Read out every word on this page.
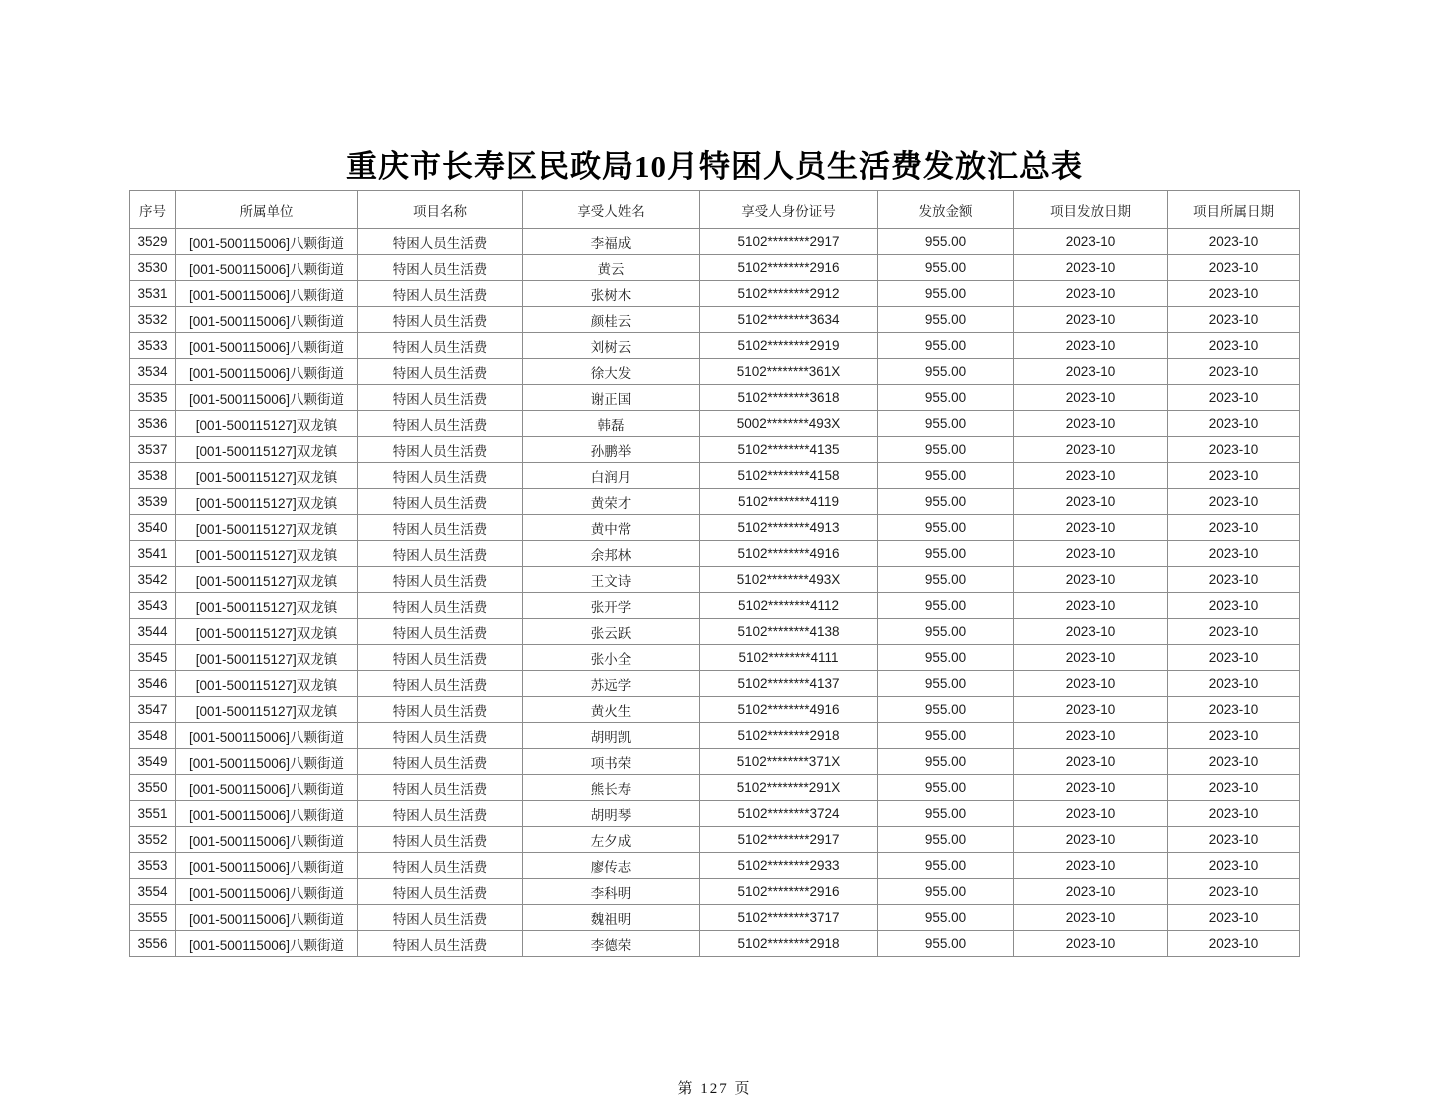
重庆市长寿区民政局10月特困人员生活费发放汇总表
序号	所属单位	项目名称	享受人姓名	享受人身份证号	发放金额	项目发放日期	项目所属日期
3529	[001-500115006]八颗街道	特困人员生活费	李福成	5102********2917	955.00	2023-10	2023-10
3530	[001-500115006]八颗街道	特困人员生活费	黄云	5102********2916	955.00	2023-10	2023-10
3531	[001-500115006]八颗街道	特困人员生活费	张树木	5102********2912	955.00	2023-10	2023-10
3532	[001-500115006]八颗街道	特困人员生活费	颜桂云	5102********3634	955.00	2023-10	2023-10
3533	[001-500115006]八颗街道	特困人员生活费	刘树云	5102********2919	955.00	2023-10	2023-10
3534	[001-500115006]八颗街道	特困人员生活费	徐大发	5102********361X	955.00	2023-10	2023-10
3535	[001-500115006]八颗街道	特困人员生活费	谢正国	5102********3618	955.00	2023-10	2023-10
3536	[001-500115127]双龙镇	特困人员生活费	韩磊	5002********493X	955.00	2023-10	2023-10
3537	[001-500115127]双龙镇	特困人员生活费	孙鹏举	5102********4135	955.00	2023-10	2023-10
3538	[001-500115127]双龙镇	特困人员生活费	白润月	5102********4158	955.00	2023-10	2023-10
3539	[001-500115127]双龙镇	特困人员生活费	黄荣才	5102********4119	955.00	2023-10	2023-10
3540	[001-500115127]双龙镇	特困人员生活费	黄中常	5102********4913	955.00	2023-10	2023-10
3541	[001-500115127]双龙镇	特困人员生活费	余邦林	5102********4916	955.00	2023-10	2023-10
3542	[001-500115127]双龙镇	特困人员生活费	王文诗	5102********493X	955.00	2023-10	2023-10
3543	[001-500115127]双龙镇	特困人员生活费	张开学	5102********4112	955.00	2023-10	2023-10
3544	[001-500115127]双龙镇	特困人员生活费	张云跃	5102********4138	955.00	2023-10	2023-10
3545	[001-500115127]双龙镇	特困人员生活费	张小全	5102********4111	955.00	2023-10	2023-10
3546	[001-500115127]双龙镇	特困人员生活费	苏远学	5102********4137	955.00	2023-10	2023-10
3547	[001-500115127]双龙镇	特困人员生活费	黄火生	5102********4916	955.00	2023-10	2023-10
3548	[001-500115006]八颗街道	特困人员生活费	胡明凯	5102********2918	955.00	2023-10	2023-10
3549	[001-500115006]八颗街道	特困人员生活费	项书荣	5102********371X	955.00	2023-10	2023-10
3550	[001-500115006]八颗街道	特困人员生活费	熊长寿	5102********291X	955.00	2023-10	2023-10
3551	[001-500115006]八颗街道	特困人员生活费	胡明琴	5102********3724	955.00	2023-10	2023-10
3552	[001-500115006]八颗街道	特困人员生活费	左夕成	5102********2917	955.00	2023-10	2023-10
3553	[001-500115006]八颗街道	特困人员生活费	廖传志	5102********2933	955.00	2023-10	2023-10
3554	[001-500115006]八颗街道	特困人员生活费	李科明	5102********2916	955.00	2023-10	2023-10
3555	[001-500115006]八颗街道	特困人员生活费	魏祖明	5102********3717	955.00	2023-10	2023-10
3556	[001-500115006]八颗街道	特困人员生活费	李德荣	5102********2918	955.00	2023-10	2023-10
第 127 页
